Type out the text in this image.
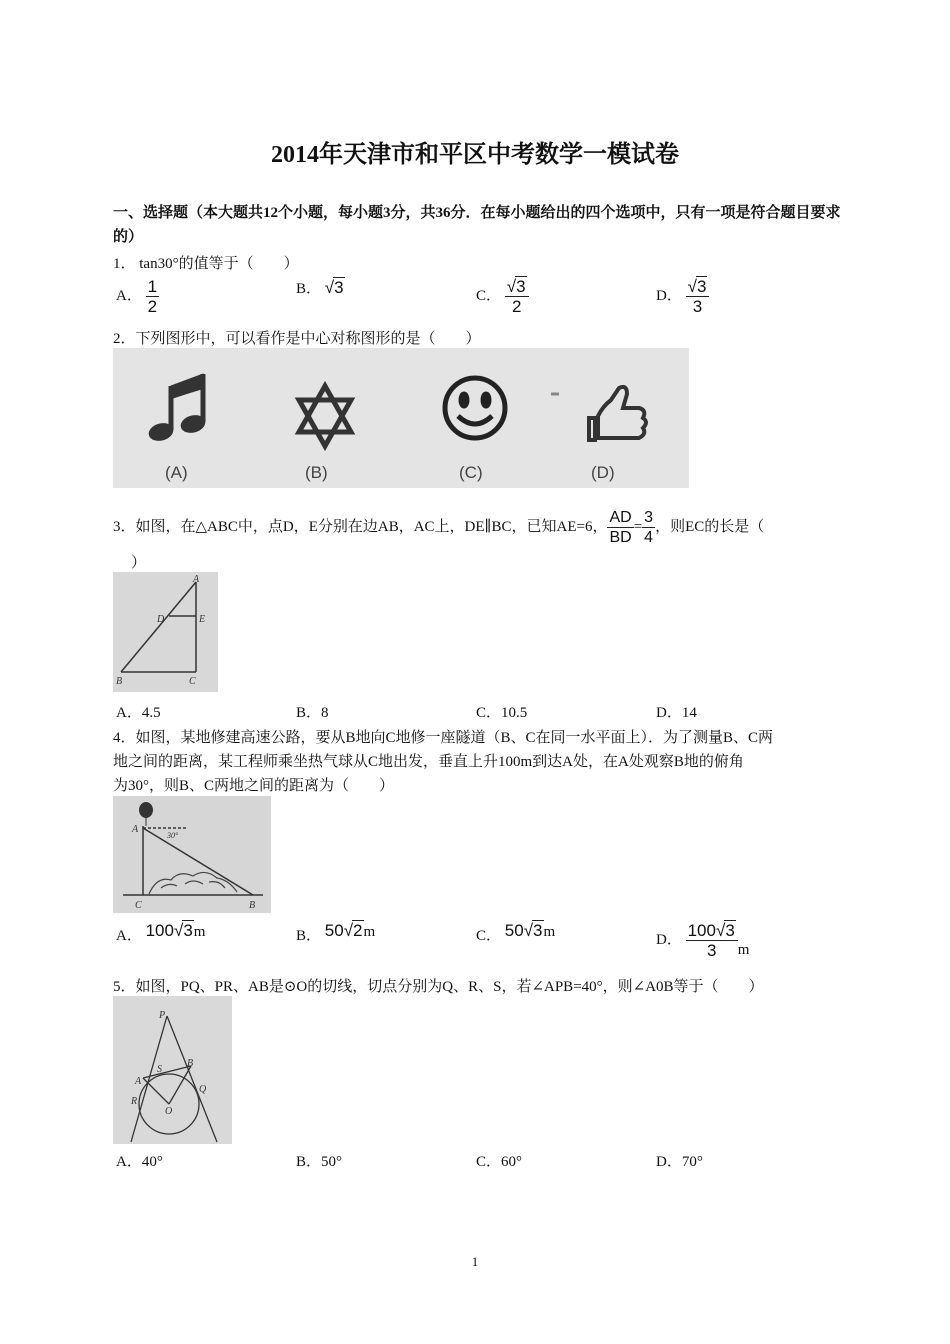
2014年天津市和平区中考数学一模试卷
一、选择题（本大题共12个小题，每小题3分，共36分．在每小题给出的四个选项中，只有一项是符合题目要求的）
1． tan30°的值等于（　　）
A． $\frac{1}{2}$	B． √3	C． $\frac{√3}{2}$	D． $\frac{√3}{3}$
2．下列图形中，可以看作是中心对称图形的是（　　）
(A)	(B)	(C)	(D)
3．如图，在△ABC中，点D，E分别在边AB，AC上，DE∥BC，已知AE=6， $\frac{AD}{BD} = \frac{3}{4}$ ，则EC的长是（
）
A
D	E
B	C
A．4.5	B．8	C．10.5	D．14
4．如图，某地修建高速公路，要从B地向C地修一座隧道（B、C在同一水平面上）．为了测量B、C两
地之间的距离，某工程师乘坐热气球从C地出发，垂直上升100m到达A处，在A处观察B地的俯角
为30°，则B、C两地之间的距离为（　　）
A
30°
C	B
A． 100√3m	B． 50√2m	C． 50√3m	D． $\frac{100√3}{3}$ m
5．如图，PQ、PR、AB是⊙O的切线，切点分别为Q、R、S，若∠APB=40°，则∠A0B等于（　　）
P
A
S
B
Q
R
O
A．40°	B．50°	C．60°	D．70°
1
